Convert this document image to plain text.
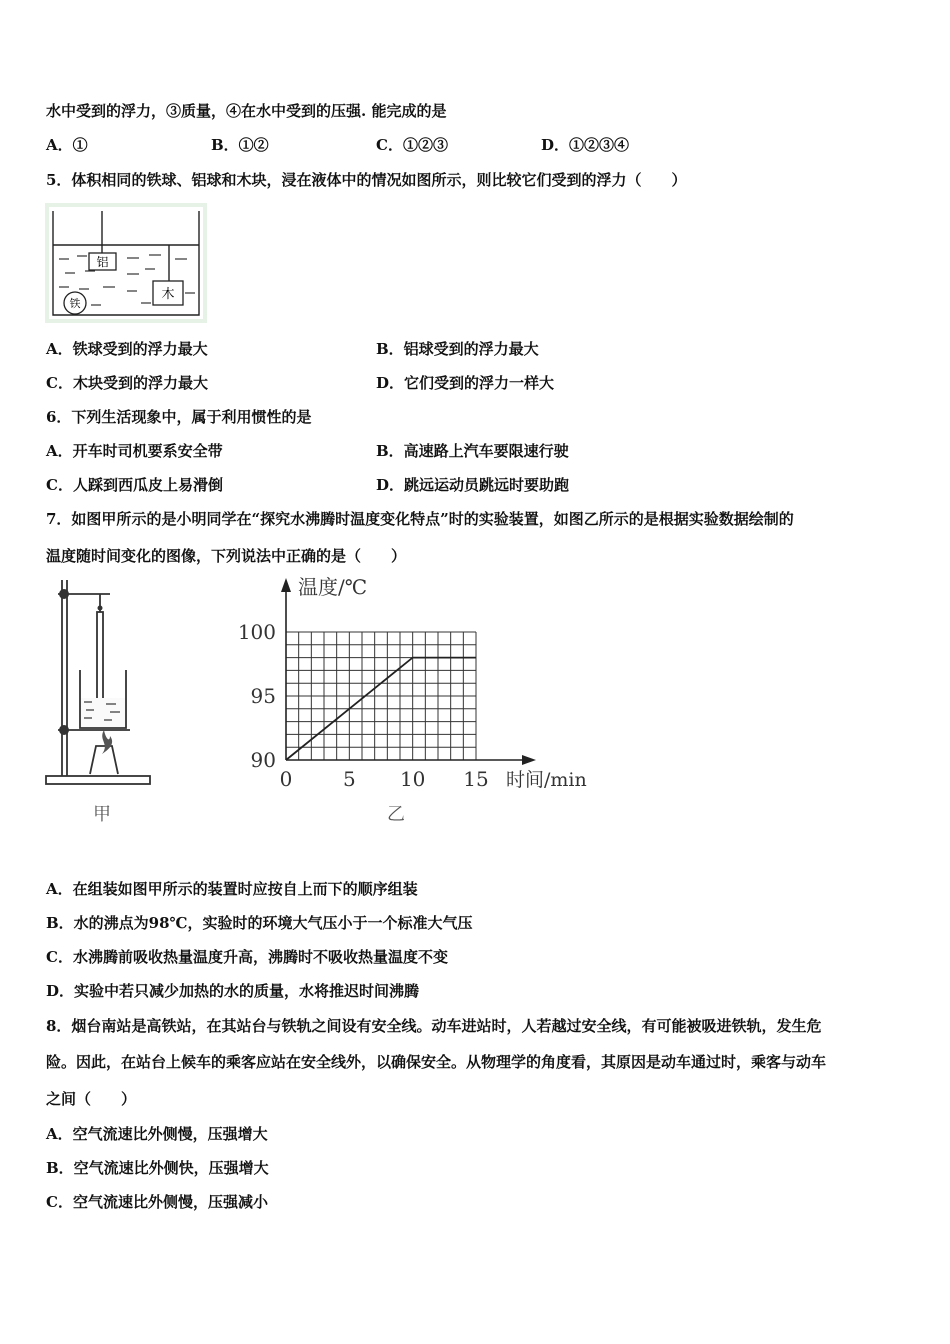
水中受到的浮力，③质量，④在水中受到的压强. 能完成的是
A．①	B．①②	C．①②③	D．①②③④
5．体积相同的铁球、铝球和木块，浸在液体中的情况如图所示，则比较它们受到的浮力（　　）
铝
木
铁
A．铁球受到的浮力最大	B．铝球受到的浮力最大
C．木块受到的浮力最大	D．它们受到的浮力一样大
6．下列生活现象中，属于利用惯性的是
A．开车时司机要系安全带	B．高速路上汽车要限速行驶
C．人踩到西瓜皮上易滑倒	D．跳远运动员跳远时要助跑
7．如图甲所示的是小明同学在“探究水沸腾时温度变化特点”时的实验装置，如图乙所示的是根据实验数据绘制的
温度随时间变化的图像，下列说法中正确的是（　　）
甲
90
95
100
0	5 10 15
温度/℃
时间/min
乙
A．在组装如图甲所示的装置时应按自上而下的顺序组装
B．水的沸点为98℃，实验时的环境大气压小于一个标准大气压
C．水沸腾前吸收热量温度升高，沸腾时不吸收热量温度不变
D．实验中若只减少加热的水的质量，水将推迟时间沸腾
8．烟台南站是高铁站，在其站台与铁轨之间设有安全线。动车进站时，人若越过安全线，有可能被吸进铁轨，发生危
险。因此，在站台上候车的乘客应站在安全线外，以确保安全。从物理学的角度看，其原因是动车通过时，乘客与动车
之间（　　）
A．空气流速比外侧慢，压强增大
B．空气流速比外侧快，压强增大
C．空气流速比外侧慢，压强减小
